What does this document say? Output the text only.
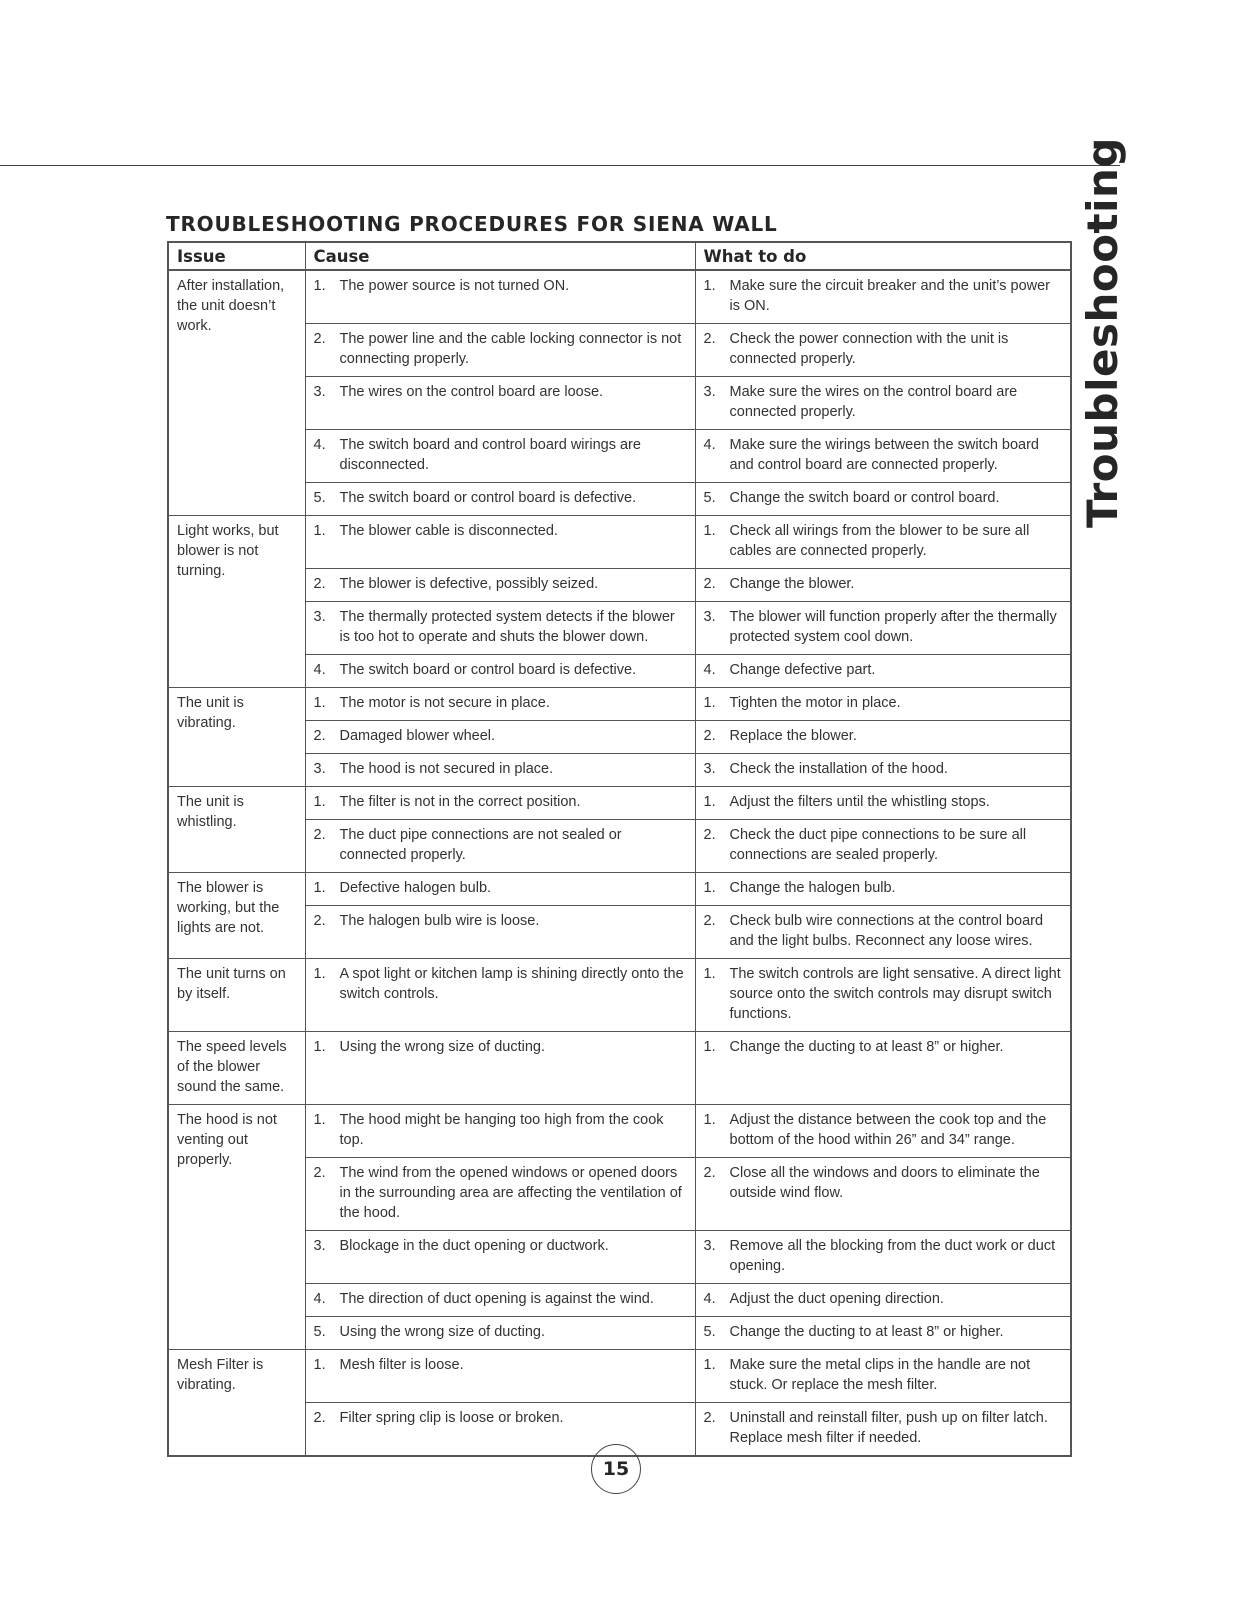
Troubleshooting
TROUBLESHOOTING PROCEDURES FOR SIENA WALL
Issue	Cause	What to do
After installation, the unit doesn’t work.	1. The power source is not turned ON.	1. Make sure the circuit breaker and the unit’s power is ON.

	2. The power line and the cable locking connector is not connecting properly.	2. Check the power connection with the unit is connected properly.

	3. The wires on the control board are loose.	3. Make sure the wires on the control board are connected properly.

	4. The switch board and control board wirings are disconnected.	4. Make sure the wirings between the switch board and control board are connected properly.

	5. The switch board or control board is defective.	5. Change the switch board or control board.

Light works, but blower is not turning.	1. The blower cable is disconnected.	1. Check all wirings from the blower to be sure all cables are connected properly.

	2. The blower is defective, possibly seized.	2. Change the blower.

	3. The thermally protected system detects if the blower is too hot to operate and shuts the blower down.	3. The blower will function properly after the thermally protected system cool down.

	4. The switch board or control board is defective.	4. Change defective part.

The unit is vibrating.	1. The motor is not secure in place.	1. Tighten the motor in place.

	2. Damaged blower wheel.	2. Replace the blower.

	3. The hood is not secured in place.	3. Check the installation of the hood.

The unit is whistling.	1. The filter is not in the correct position.	1. Adjust the filters until the whistling stops.

	2. The duct pipe connections are not sealed or connected properly.	2. Check the duct pipe connections to be sure all connections are sealed properly.

The blower is working, but the lights are not.	1. Defective halogen bulb.	1. Change the halogen bulb.

	2. The halogen bulb wire is loose.	2. Check bulb wire connections at the control board and the light bulbs. Reconnect any loose wires.

The unit turns on by itself.	1. A spot light or kitchen lamp is shining directly onto the switch controls.	1. The switch controls are light sensative. A direct light source onto the switch controls may disrupt switch functions.

The speed levels of the blower sound the same.	1. Using the wrong size of ducting.	1. Change the ducting to at least 8” or higher.

The hood is not venting out properly.	1. The hood might be hanging too high from the cook top.	1. Adjust the distance between the cook top and the bottom of the hood within 26” and 34” range.

	2. The wind from the opened windows or opened doors in the surrounding area are affecting the ventilation of the hood.	2. Close all the windows and doors to eliminate the outside wind flow.

	3. Blockage in the duct opening or ductwork.	3. Remove all the blocking from the duct work or duct opening.

	4. The direction of duct opening is against the wind.	4. Adjust the duct opening direction.

	5. Using the wrong size of ducting.	5. Change the ducting to at least 8” or higher.

Mesh Filter is vibrating.	1. Mesh filter is loose.	1. Make sure the metal clips in the handle are not stuck. Or replace the mesh filter.

	2. Filter spring clip is loose or broken.	2. Uninstall and reinstall filter, push up on filter latch. Replace mesh filter if needed.
15
